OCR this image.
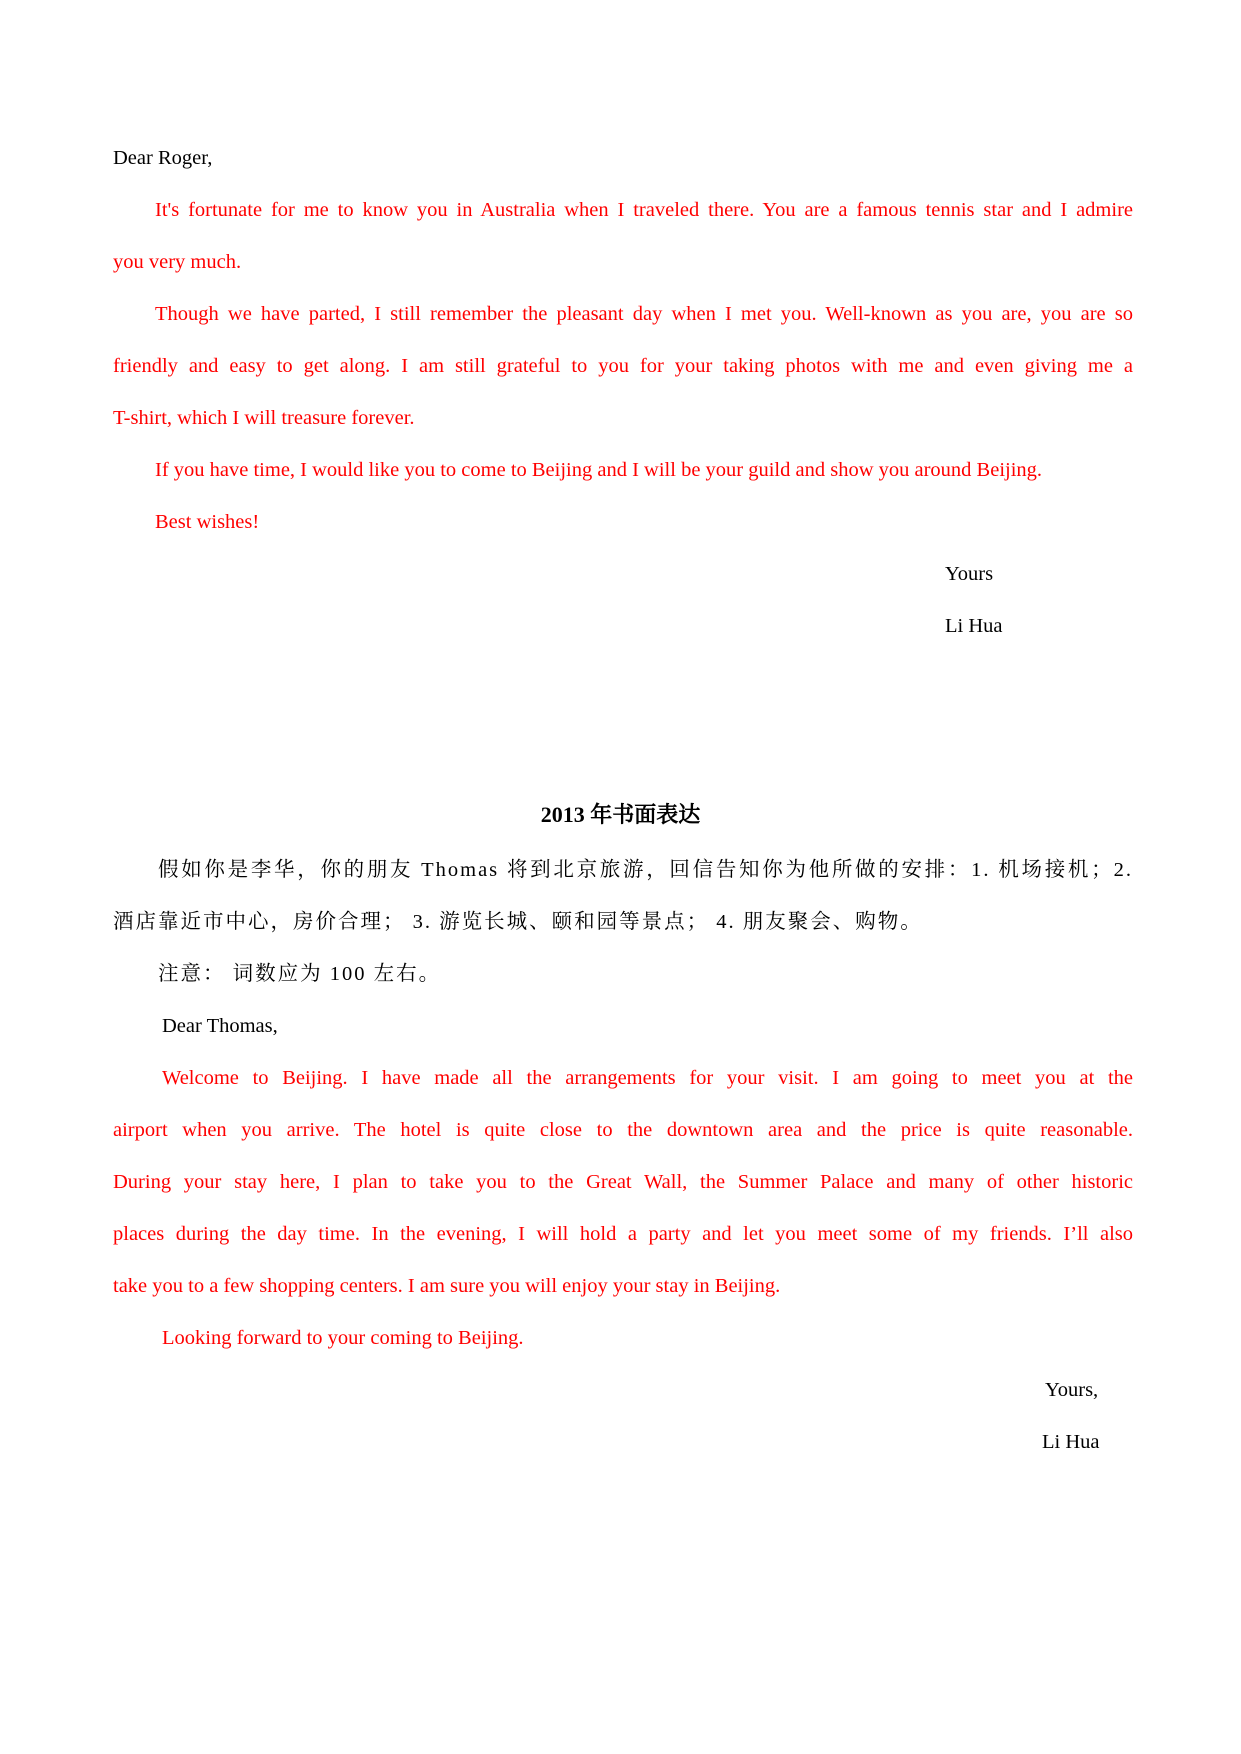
Dear Roger,
It's fortunate for me to know you in Australia when I traveled there. You are a famous tennis star and I admire
you very much.
Though we have parted, I still remember the pleasant day when I met you. Well-known as you are, you are so
friendly and easy to get along. I am still grateful to you for your taking photos with me and even giving me a
T-shirt, which I will treasure forever.
If you have time, I would like you to come to Beijing and I will be your guild and show you around Beijing.
Best wishes!
Yours
Li Hua
2013 年书面表达
假如你是李华，你的朋友 Thomas 将到北京旅游，回信告知你为他所做的安排：1. 机场接机；2.
酒店靠近市中心，房价合理； 3. 游览长城、颐和园等景点； 4. 朋友聚会、购物。
注意： 词数应为 100 左右。
Dear Thomas,
Welcome to Beijing. I have made all the arrangements for your visit. I am going to meet you at the
airport when you arrive. The hotel is quite close to the downtown area and the price is quite reasonable.
During your stay here, I plan to take you to the Great Wall, the Summer Palace and many of other historic
places during the day time. In the evening, I will hold a party and let you meet some of my friends. I’ll also
take you to a few shopping centers. I am sure you will enjoy your stay in Beijing.
Looking forward to your coming to Beijing.
Yours,
Li Hua
